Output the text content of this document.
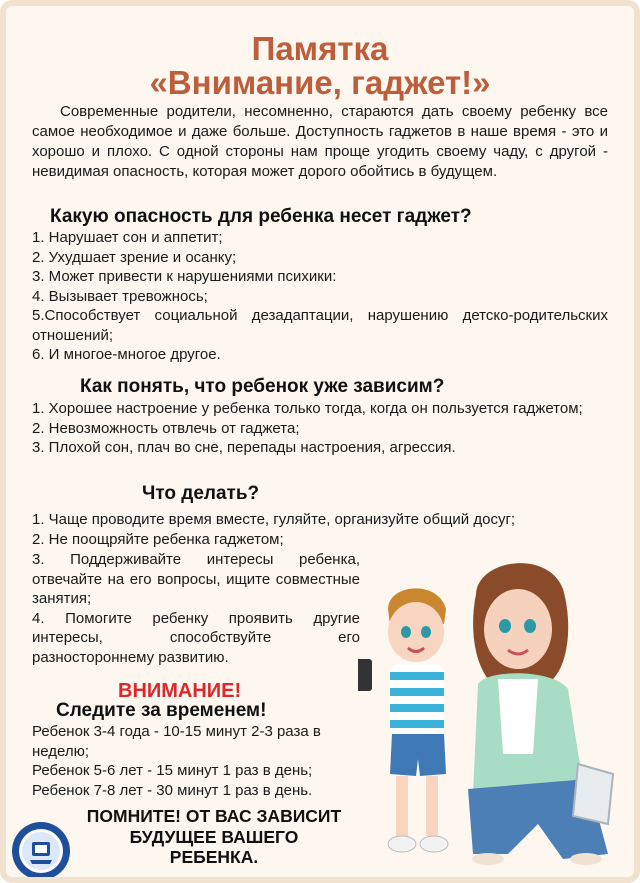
Памятка
«Внимание, гаджет!»

Современные родители, несомненно, стараются дать своему ребенку все самое необходимое и даже больше. Доступность гаджетов в наше время - это и хорошо и плохо. С одной стороны нам проще угодить своему чаду, с другой - невидимая опасность, которая может дорого обойтись в будущем.

Какую опасность для ребенка несет гаджет?
1. Нарушает сон и аппетит;
2. Ухудшает зрение и осанку;
3. Может привести к нарушениями психики:
4. Вызывает тревожнось;
5.Способствует социальной дезадаптации, нарушению детско-родительских отношений;
6. И многое-многое другое.
Как понять, что ребенок уже зависим?
1. Хорошее настроение у ребенка только тогда, когда он пользуется гаджетом;
2. Невозможность отвлечь от гаджета;
3. Плохой сон, плач во сне, перепады настроения, агрессия.
Что делать?
1. Чаще проводите время вместе, гуляйте, организуйте общий досуг;
2. Не поощряйте ребенка гаджетом;
3. Поддерживайте интересы ребенка, отвечайте на его вопросы, ищите совместные занятия;
4. Помогите ребенку проявить другие интересы, способствуйте его разностороннему развитию.
ВНИМАНИЕ!
Следите за временем!
Ребенок 3-4 года - 10-15 минут 2-3 раза в неделю;
Ребенок 5-6 лет - 15 минут 1 раз в день;
Ребенок 7-8 лет - 30 минут 1 раз в день.
ПОМНИТЕ! ОТ ВАС ЗАВИСИТ БУДУЩЕЕ ВАШЕГО РЕБЕНКА.
